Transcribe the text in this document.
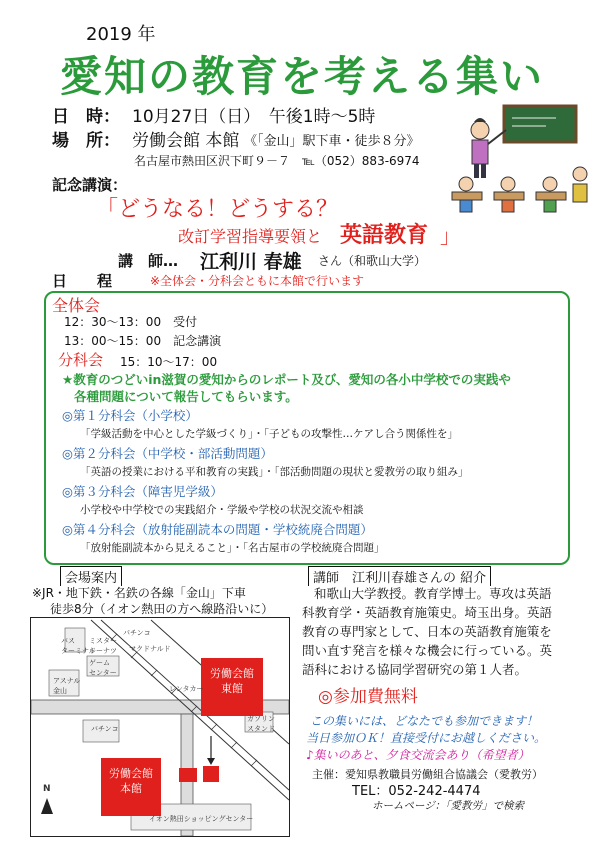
2019 年
愛知の教育を考える集い
日　時： 10月27日（日）　午後1時～5時
場　所： 労働会館 本館 《「金山」駅下車・徒歩８分》
名古屋市熱田区沢下町９－７　℡（052）883-6974
記念講演：
「どうなる！どうする？
改訂学習指導要領と 英語教育 」
講　師… 江利川 春雄 さん（和歌山大学）
日　　程	※全体会・分科会ともに本館で行います
全体会
12：30～13：00　受付
13：00～15：00　記念講演
分科会 15：10～17：00
★教育のつどいin滋賀の愛知からのレポート及び、愛知の各小中学校での実践や
各種問題について報告してもらいます。
◎第１分科会（小学校）
「学級活動を中心とした学級づくり」・「子どもの攻撃性…ケアし合う関係性を」
◎第２分科会（中学校・部活動問題）
「英語の授業における平和教育の実践」・「部活動問題の現状と愛教労の取り組み」
◎第３分科会（障害児学級）
小学校や中学校での実践紹介・学級や学校の状況交流や相談
◎第４分科会（放射能副読本の問題・学校統廃合問題）
「放射能副読本から見えること」・「名古屋市の学校統廃合問題」
会場案内
※JR・地下鉄・名鉄の各線「金山」下車
徒歩8分（イオン熱田の方へ線路沿いに）
労働会館
東館
労働会館
本館
バス
ターミナル
ミスター
ドーナツ
アスナル
金山
パチンコ
マクドナルド
ゲーム
センター
バチンコ
レンタカー
ガソリン
スタンド
イオン熱田ショッピングセンター
N
講師　江利川春雄さんの 紹介
和歌山大学教授。教育学博士。専攻は英語
科教育学・英語教育施策史。埼玉出身。英語
教育の専門家として、日本の英語教育施策を
問い直す発言を様々な機会に行っている。英
語科における協同学習研究の第１人者。
◎参加費無料
この集いには、どなたでも参加できます！
当日参加ＯＫ！直接受付にお越しください。
♪集いのあと、夕食交流会あり（希望者）
主催：愛知県教職員労働組合協議会（愛教労）
TEL：052-242-4474
ホームページ：「愛教労」で検索
